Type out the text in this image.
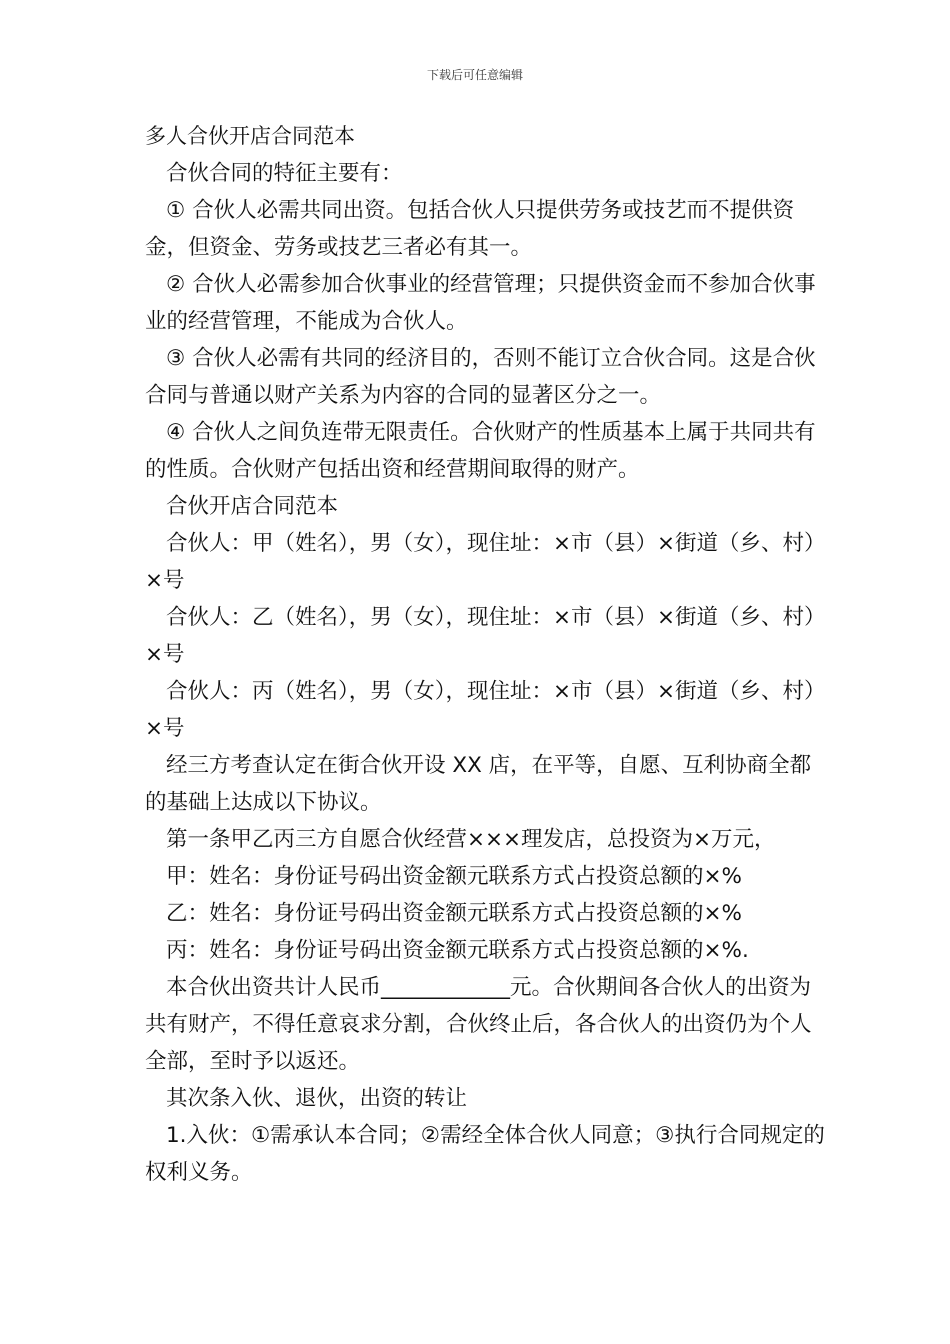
下载后可任意编辑

多人合伙开店合同范本

合伙合同的特征主要有：

① 合伙人必需共同出资。包括合伙人只提供劳务或技艺而不提供资金，但资金、劳务或技艺三者必有其一。

② 合伙人必需参加合伙事业的经营管理；只提供资金而不参加合伙事业的经营管理，不能成为合伙人。

③ 合伙人必需有共同的经济目的，否则不能订立合伙合同。这是合伙合同与普通以财产关系为内容的合同的显著区分之一。

④ 合伙人之间负连带无限责任。合伙财产的性质基本上属于共同共有的性质。合伙财产包括出资和经营期间取得的财产。

合伙开店合同范本

合伙人：甲（姓名），男（女），现住址：×市（县）×街道（乡、村）×号

合伙人：乙（姓名），男（女），现住址：×市（县）×街道（乡、村）×号

合伙人：丙（姓名），男（女），现住址：×市（县）×街道（乡、村）×号

经三方考查认定在街合伙开设 XX 店，在平等，自愿、互利协商全都的基础上达成以下协议。

第一条甲乙丙三方自愿合伙经营×××理发店，总投资为×万元，

甲：姓名：身份证号码出资金额元联系方式占投资总额的×%

乙：姓名：身份证号码出资金额元联系方式占投资总额的×%

丙：姓名：身份证号码出资金额元联系方式占投资总额的×%.

本合伙出资共计人民币____________元。合伙期间各合伙人的出资为共有财产，不得任意哀求分割，合伙终止后，各合伙人的出资仍为个人全部，至时予以返还。

其次条入伙、退伙，出资的转让

1.入伙：①需承认本合同；②需经全体合伙人同意；③执行合同规定的权利义务。
